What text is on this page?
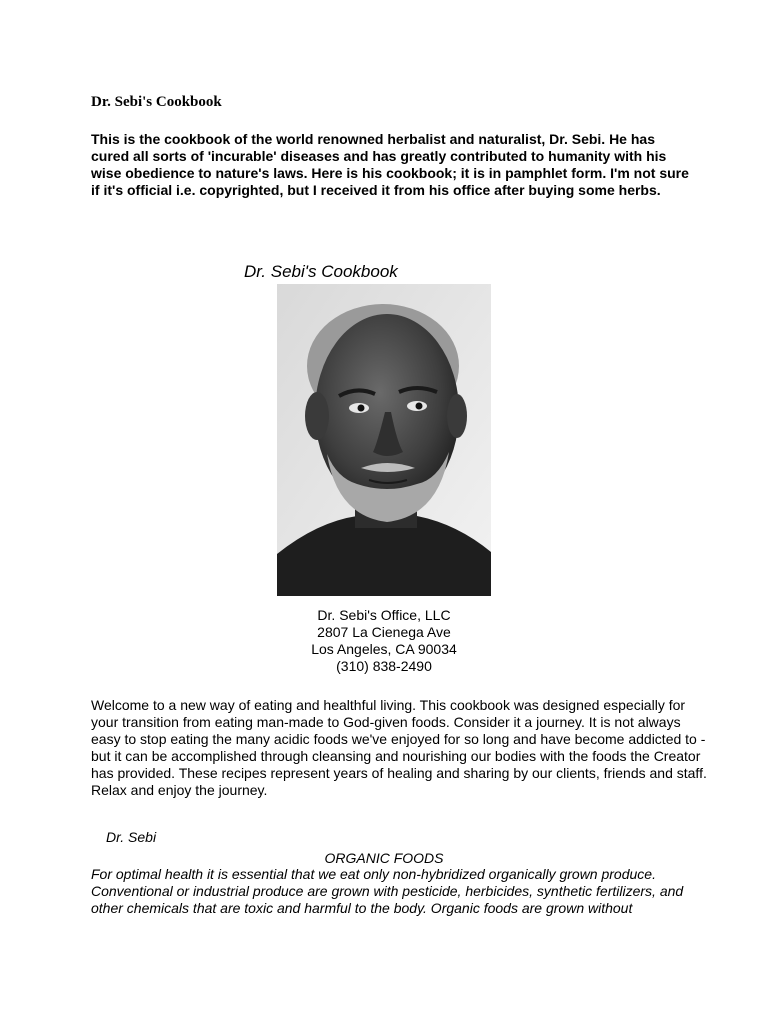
Dr. Sebi's Cookbook

This is the cookbook of the world renowned herbalist and naturalist, Dr. Sebi. He has cured all sorts of 'incurable' diseases and has greatly contributed to humanity with his wise obedience to nature's laws. Here is his cookbook; it is in pamphlet form. I'm not sure if it's official i.e. copyrighted, but I received it from his office after buying some herbs.

Dr. Sebi's Cookbook
Dr. Sebi's Office, LLC
2807 La Cienega Ave
Los Angeles, CA 90034
(310) 838-2490

Welcome to a new way of eating and healthful living. This cookbook was designed especially for your transition from eating man-made to God-given foods. Consider it a journey. It is not always easy to stop eating the many acidic foods we've enjoyed for so long and have become addicted to - but it can be accomplished through cleansing and nourishing our bodies with the foods the Creator has provided. These recipes represent years of healing and sharing by our clients, friends and staff.

Relax and enjoy the journey.

Dr. Sebi
ORGANIC FOODS

For optimal health it is essential that we eat only non-hybridized organically grown produce. Conventional or industrial produce are grown with pesticide, herbicides, synthetic fertilizers, and other chemicals that are toxic and harmful to the body. Organic foods are grown without
